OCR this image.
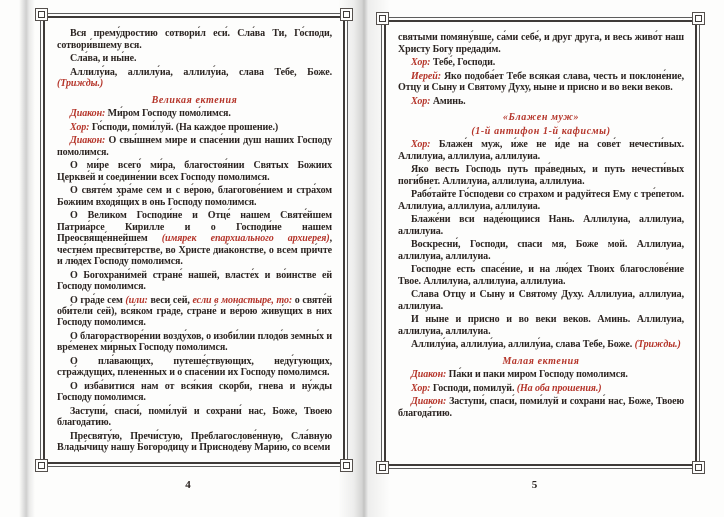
Вся прему́дростию сотвори́л еси́. Сла́ва Ти, Го́споди, сотвори́вшему вся.

Сла́ва, и ны́не.

Аллилу́иа, аллилу́иа, аллилу́иа, слава Тебе, Боже. (Трижды.)

Великая ектения

Диакон: Ми́ром Господу помо́лимся.

Хор: Го́споди, поми́луй. (На каждое прошение.)

Диакон: О свы́шнем мире и спасе́нии душ наших Господу помолимся.

О ми́ре всего́ ми́ра, благостоя́нии Святых Божиих Церкве́й и соедине́нии всех Господу помолимся.

О святе́м хра́ме сем и с ве́рою, благогове́нием и стра́хом Божиим входя́щих в онь Господу помолимся.

О Великом Господи́не и Отце́ нашем Святе́йшем Патриа́рсе Кирилле и о Господи́не нашем Преосвяще́ннейшем (имярек епархиального архиерея), честне́м пресви́терстве, во Христе диа́констве, о всем при́чте и лю́дех Господу помолимся.

О Богохрани́мей стране́ нашей, власте́х и во́инстве ей Господу помолимся.

О гра́де сем (или: веси сей, если в монастыре, то: о святе́й оби́тели сей), вся́ком гра́де, стране́ и ве́рою живу́щих в них Господу помолимся.

О благорастворе́нии возду́хов, о изоби́лии плодо́в земны́х и вре́менех ми́рных Господу помолимся.

О пла́вающих, путеше́ствующих, неду́гующих, стра́ждущих, плене́нных и о спасе́нии их Господу помолимся.

О изба́витися нам от вся́кия скорби, гнева и ну́жды Господу помолимся.

Заступи́, спаси́, поми́луй и сохрани́ нас, Боже, Твоею благода́тию.

Пресвяту́ю, Пречи́стую, Преблагослове́нную, Сла́вную Влады́чицу нашу Богоро́дицу и Присноде́ву Мари́ю, со всеми

4

святыми помяну́вше, са́ми себе́, и друг друга, и весь живо́т наш Христу Богу предади́м.

Хор: Тебе́, Господи.

Иерей: Яко подоба́ет Тебе всякая слава, честь и поклоне́ние, Отцу и Сыну и Святому Духу, ныне и присно и во веки веков.

Хор: Аминь.

«Блажен муж»
(1-й антифон 1-й кафисмы)

Хор: Блаже́н муж, и́же не и́де на сове́т нечести́вых. Аллилуиа, аллилуиа, аллилуиа.

Яко весть Господь путь пра́ведных, и путь нечести́вых поги́бнет. Аллилуиа, аллилуиа, аллилуиа.

Рабо́тайте Го́сподеви со страхом и радуйтеся Ему с тре́петом. Аллилуиа, аллилуиа, аллилуиа.

Блаже́ни вси наде́ющиися Нань. Аллилуиа, аллилуиа, аллилуиа.

Воскресни́, Господи, спаси мя, Боже мой. Аллилуиа, аллилуиа, аллилуиа.

Господне есть спасе́ние, и на лю́дех Твоих благослове́ние Твое. Аллилуиа, аллилуиа, аллилуиа.

Слава Отцу и Сыну и Святому Духу. Аллилуиа, аллилуиа, аллилуиа.

И ныне и присно и во веки веков. Аминь. Аллилуиа, аллилуиа, аллилуиа.

Аллилу́иа, аллилу́иа, аллилу́иа, слава Тебе, Боже. (Трижды.)

Малая ектения

Диакон: Па́ки и паки миром Господу помолимся.

Хор: Господи, помилуй. (На оба прошения.)

Диакон: Заступи́, спаси́, поми́луй и сохрани́ нас, Боже, Твоею благода́тию.

5
